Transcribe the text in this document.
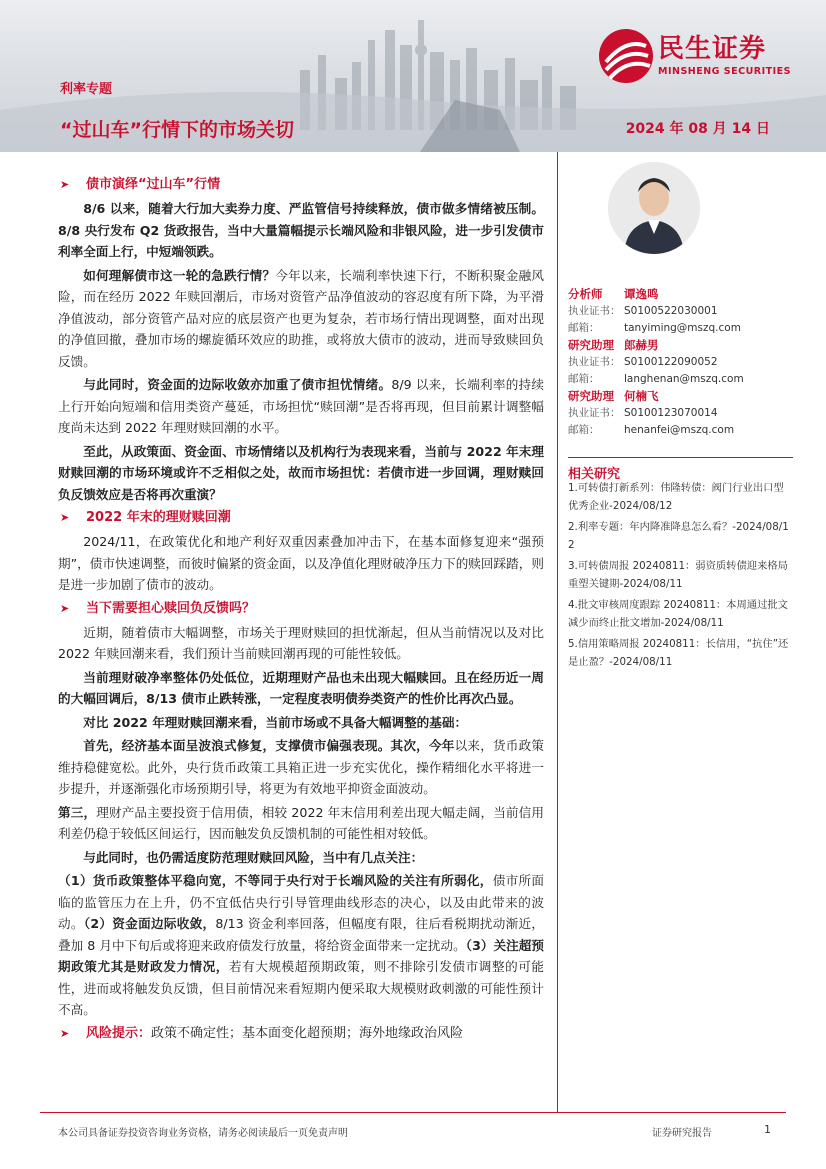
利率专题
“过山车”行情下的市场关切	2024 年 08 月 14 日
民生证券
MINSHENG SECURITIES
➤ 债市演绎“过山车”行情

8/6 以来，随着大行加大卖券力度、严监管信号持续释放，债市做多情绪被压制。8/8 央行发布 Q2 货政报告，当中大量篇幅提示长端风险和非银风险，进一步引发债市利率全面上行，中短端领跌。

如何理解债市这一轮的急跌行情？今年以来，长端利率快速下行，不断积聚金融风险，而在经历 2022 年赎回潮后，市场对资管产品净值波动的容忍度有所下降，为平滑净值波动，部分资管产品对应的底层资产也更为复杂，若市场行情出现调整，面对出现的净值回撤，叠加市场的螺旋循环效应的助推，或将放大债市的波动，进而导致赎回负反馈。

与此同时，资金面的边际收敛亦加重了债市担忧情绪。8/9 以来，长端利率的持续上行开始向短端和信用类资产蔓延，市场担忧“赎回潮”是否将再现，但目前累计调整幅度尚未达到 2022 年理财赎回潮的水平。

至此，从政策面、资金面、市场情绪以及机构行为表现来看，当前与 2022 年末理财赎回潮的市场环境或许不乏相似之处，故而市场担忧：若债市进一步回调，理财赎回负反馈效应是否将再次重演？

➤ 2022 年末的理财赎回潮

2024/11，在政策优化和地产利好双重因素叠加冲击下，在基本面修复迎来“强预期”，债市快速调整，而彼时偏紧的资金面，以及净值化理财破净压力下的赎回踩踏，则是进一步加剧了债市的波动。

➤ 当下需要担心赎回负反馈吗？

近期，随着债市大幅调整，市场关于理财赎回的担忧渐起，但从当前情况以及对比 2022 年赎回潮来看，我们预计当前赎回潮再现的可能性较低。

当前理财破净率整体仍处低位，近期理财产品也未出现大幅赎回。且在经历近一周的大幅回调后，8/13 债市止跌转涨，一定程度表明债券类资产的性价比再次凸显。

对比 2022 年理财赎回潮来看，当前市场或不具备大幅调整的基础：

首先，经济基本面呈波浪式修复，支撑债市偏强表现。其次，今年以来，货币政策维持稳健宽松。此外，央行货币政策工具箱正进一步充实优化，操作精细化水平将进一步提升，并逐渐强化市场预期引导，将更为有效地平抑资金面波动。

第三，理财产品主要投资于信用债，相较 2022 年末信用利差出现大幅走阔，当前信用利差仍稳于较低区间运行，因而触发负反馈机制的可能性相对较低。

与此同时，也仍需适度防范理财赎回风险，当中有几点关注：

（1）货币政策整体平稳向宽，不等同于央行对于长端风险的关注有所弱化，债市所面临的监管压力在上升，仍不宜低估央行引导管理曲线形态的决心，以及由此带来的波动。（2）资金面边际收敛，8/13 资金利率回落，但幅度有限，往后看税期扰动渐近，叠加 8 月中下旬后或将迎来政府债发行放量，将给资金面带来一定扰动。（3）关注超预期政策尤其是财政发力情况，若有大规模超预期政策，则不排除引发债市调整的可能性，进而或将触发负反馈，但目前情况来看短期内便采取大规模财政刺激的可能性预计不高。

➤ 风险提示：政策不确定性；基本面变化超预期；海外地缘政治风险
分析师 谭逸鸣
执业证书： S0100522030001
邮箱： tanyiming@mszq.com
研究助理 郎赫男
执业证书： S0100122090052
邮箱： langhenan@mszq.com
研究助理 何楠飞
执业证书： S0100123070014
邮箱： henanfei@mszq.com
相关研究
1.可转债打新系列：伟隆转债：阀门行业出口型优秀企业-2024/08/12
2.利率专题：年内降准降息怎么看？-2024/08/12
3.可转债周报 20240811：弱资质转债迎来格局重塑关键期-2024/08/11
4.批文审核周度跟踪 20240811：本周通过批文减少而终止批文增加-2024/08/11
5.信用策略周报 20240811：长信用，“抗住”还是止盈？-2024/08/11
本公司具备证券投资咨询业务资格，请务必阅读最后一页免责声明	证券研究报告	1
